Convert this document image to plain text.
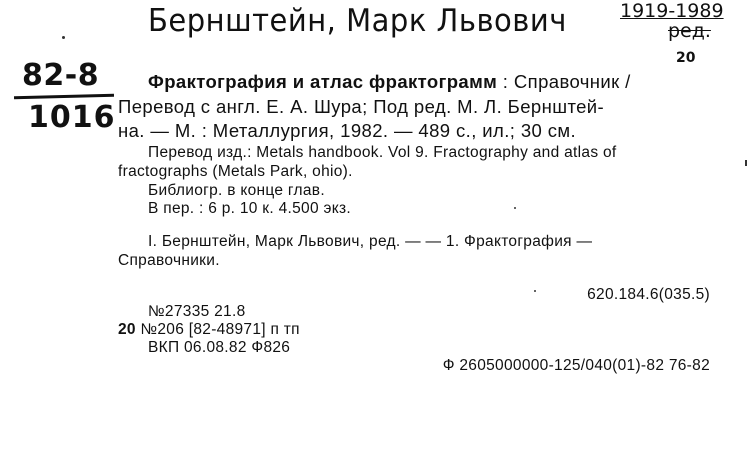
Бернштейн, Марк Львович	1919-1989
ред.
20
82-8
1016
Фрактография и атлас фрактограмм : Справочник /
Перевод с англ. Е. А. Шура; Под ред. М. Л. Бернштей-
на. — М. : Металлургия, 1982. — 489 с., ил.; 30 см.
Перевод изд.: Metals handbook. Vol 9. Fractography and atlas of
fractographs (Metals Park, ohio).
Библиогр. в конце глав.
В пер. : 6 р. 10 к. 4.500 экз.
I. Бернштейн, Марк Львович, ред. — — 1. Фрактография —
Справочники.
620.184.6(035.5)
№27335 21.8
20 №206 [82-48971] п тп
ВКП 06.08.82 Ф826
Ф 2605000000-125/040(01)-82 76-82
